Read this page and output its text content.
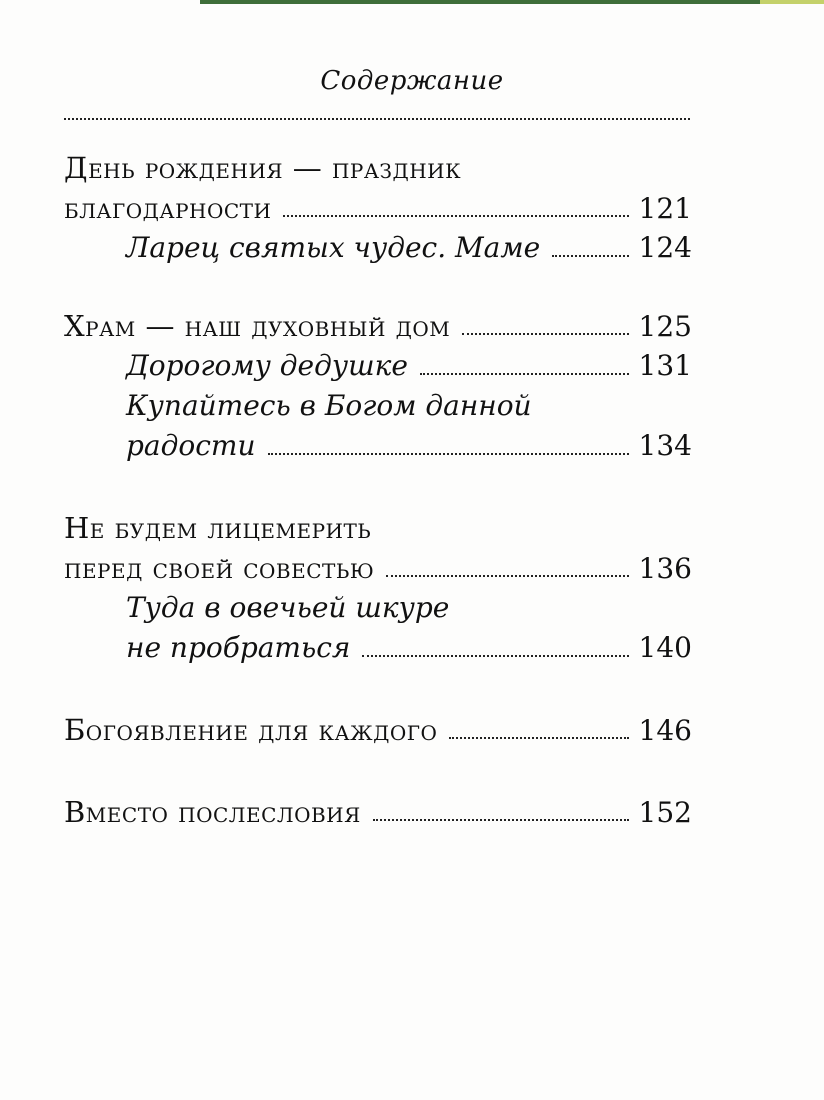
Содержание
День рождения — праздник
благодарности	121
Ларец святых чудес. Маме	124
Храм — наш духовный дом	125
Дорогому дедушке	131
Купайтесь в Богом данной
радости	134
Не будем лицемерить
перед своей совестью	136
Туда в овечьей шкуре
не пробраться	140
Богоявление для каждого	146
Вместо послесловия	152
